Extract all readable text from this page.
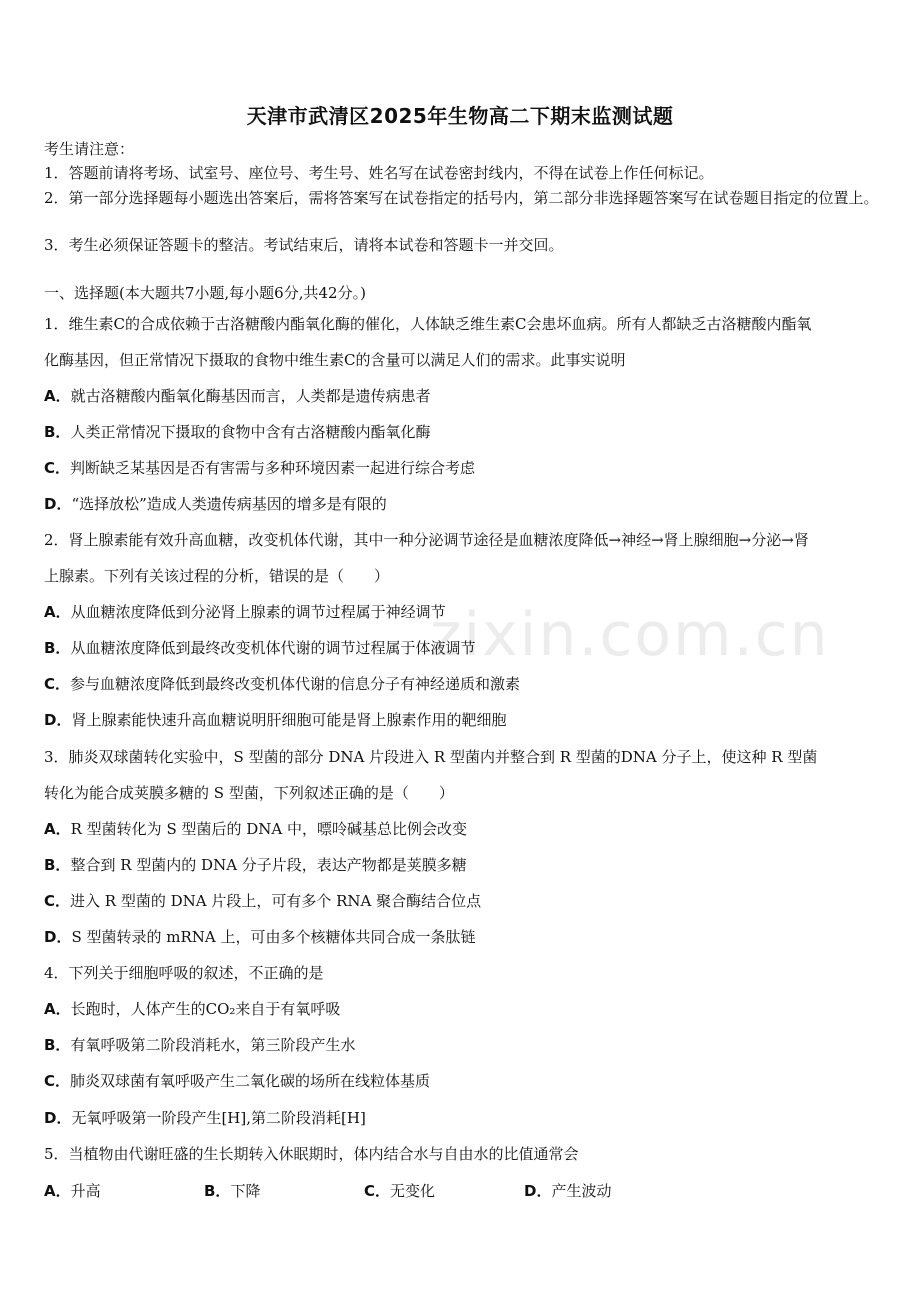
zixin.com.cn
天津市武清区2025年生物高二下期末监测试题
考生请注意：
1．答题前请将考场、试室号、座位号、考生号、姓名写在试卷密封线内，不得在试卷上作任何标记。
2．第一部分选择题每小题选出答案后，需将答案写在试卷指定的括号内，第二部分非选择题答案写在试卷题目指定的位置上。
3．考生必须保证答题卡的整洁。考试结束后，请将本试卷和答题卡一并交回。
一、选择题(本大题共7小题,每小题6分,共42分。)
1．维生素C的合成依赖于古洛糖酸内酯氧化酶的催化，人体缺乏维生素C会患坏血病。所有人都缺乏古洛糖酸内酯氧
化酶基因，但正常情况下摄取的食物中维生素C的含量可以满足人们的需求。此事实说明
A．就古洛糖酸内酯氧化酶基因而言，人类都是遗传病患者
B．人类正常情况下摄取的食物中含有古洛糖酸内酯氧化酶
C．判断缺乏某基因是否有害需与多种环境因素一起进行综合考虑
D．“选择放松”造成人类遗传病基因的增多是有限的
2．肾上腺素能有效升高血糖，改变机体代谢，其中一种分泌调节途径是血糖浓度降低→神经→肾上腺细胞→分泌→肾
上腺素。下列有关该过程的分析，错误的是（　　）
A．从血糖浓度降低到分泌肾上腺素的调节过程属于神经调节
B．从血糖浓度降低到最终改变机体代谢的调节过程属于体液调节
C．参与血糖浓度降低到最终改变机体代谢的信息分子有神经递质和激素
D．肾上腺素能快速升高血糖说明肝细胞可能是肾上腺素作用的靶细胞
3．肺炎双球菌转化实验中，S 型菌的部分 DNA 片段进入 R 型菌内并整合到 R 型菌的DNA 分子上，使这种 R 型菌
转化为能合成荚膜多糖的 S 型菌，下列叙述正确的是（　　）
A．R 型菌转化为 S 型菌后的 DNA 中，嘌呤碱基总比例会改变
B．整合到 R 型菌内的 DNA 分子片段，表达产物都是荚膜多糖
C．进入 R 型菌的 DNA 片段上，可有多个 RNA 聚合酶结合位点
D．S 型菌转录的 mRNA 上，可由多个核糖体共同合成一条肽链
4．下列关于细胞呼吸的叙述，不正确的是
A．长跑时，人体产生的CO₂来自于有氧呼吸
B．有氧呼吸第二阶段消耗水，第三阶段产生水
C．肺炎双球菌有氧呼吸产生二氧化碳的场所在线粒体基质
D．无氧呼吸第一阶段产生[H],第二阶段消耗[H]
5．当植物由代谢旺盛的生长期转入休眠期时，体内结合水与自由水的比值通常会
A．升高	B．下降	C．无变化	D．产生波动
